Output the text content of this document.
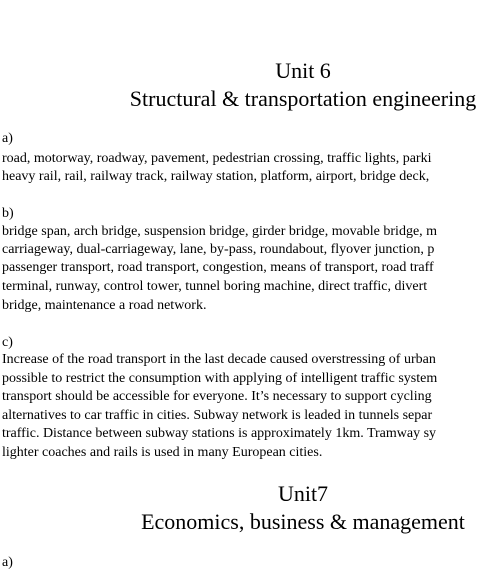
Unit 6
Structural & transportation engineering
a)
road, motorway, roadway, pavement, pedestrian crossing, traffic lights, parki
heavy rail, rail, railway track, railway station, platform, airport, bridge deck,
b)
bridge span, arch bridge, suspension bridge, girder bridge, movable bridge, m
carriageway, dual-carriageway, lane, by-pass, roundabout, flyover junction, p
passenger transport, road transport, congestion, means of transport, road traff
terminal, runway, control tower, tunnel boring machine, direct traffic, divert
bridge, maintenance a road network.
c)
Increase of the road transport in the last decade caused overstressing of urban
possible to restrict the consumption with applying of intelligent traffic system
transport should be accessible for everyone. It’s necessary to support cycling
alternatives to car traffic in cities. Subway network is leaded in tunnels separ
traffic. Distance between subway stations is approximately 1km. Tramway sy
lighter coaches and rails is used in many European cities.
Unit7
Economics, business & management
a)
